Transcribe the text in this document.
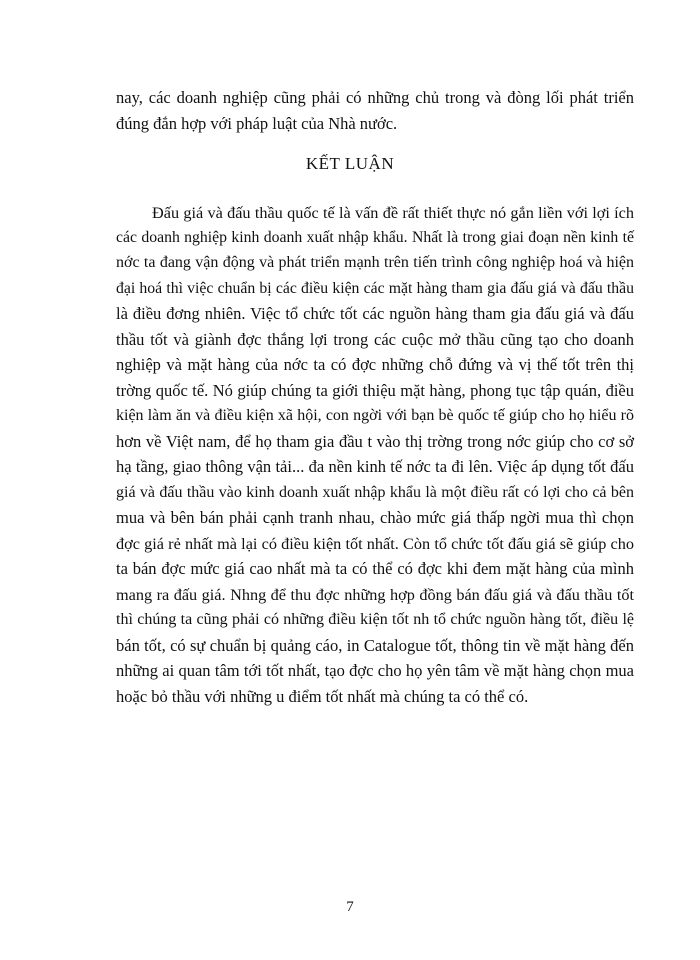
nay, các doanh nghiệp cũng phải có những chủ trong và đòng lối phát triển
đúng đắn hợp với pháp luật của Nhà nước.
KẾT LUẬN
Đấu giá và đấu thầu quốc tế là vấn đề rất thiết thực nó gắn liền với lợi ích
các doanh nghiệp kinh doanh xuất nhập khẩu. Nhất là trong giai đoạn nền kinh tế
nớc ta đang vận động và phát triển mạnh trên tiến trình công nghiệp hoá và hiện
đại hoá thì việc chuẩn bị các điều kiện các mặt hàng tham gia đấu giá và đấu thầu
là điều đơng nhiên. Việc tổ chức tốt các nguồn hàng tham gia đấu giá và đấu
thầu tốt và giành đợc thắng lợi trong các cuộc mở thầu cũng tạo cho doanh
nghiệp và mặt hàng của nớc ta có đợc những chỗ đứng và vị thế tốt trên thị
trờng quốc tế. Nó giúp chúng ta giới thiệu mặt hàng, phong tục tập quán, điều
kiện làm ăn và điều kiện xã hội, con ngời với bạn bè quốc tế giúp cho họ hiểu rõ
hơn về Việt nam, để họ tham gia đầu t vào thị trờng trong nớc giúp cho cơ sở
hạ tầng, giao thông vận tải... đa nền kinh tế nớc ta đi lên. Việc áp dụng tốt đấu
giá và đấu thầu vào kinh doanh xuất nhập khẩu là một điều rất có lợi cho cả bên
mua và bên bán phải cạnh tranh nhau, chào mức giá thấp ngời mua thì chọn
đợc giá rẻ nhất mà lại có điều kiện tốt nhất. Còn tổ chức tốt đấu giá sẽ giúp cho
ta bán đợc mức giá cao nhất mà ta có thể có đợc khi đem mặt hàng của mình
mang ra đấu giá. Nhng để thu đợc những hợp đồng bán đấu giá và đấu thầu tốt
thì chúng ta cũng phải có những điều kiện tốt nh tổ chức nguồn hàng tốt, điều lệ
bán tốt, có sự chuẩn bị quảng cáo, in Catalogue tốt, thông tin về mặt hàng đến
những ai quan tâm tới tốt nhất, tạo đợc cho họ yên tâm về mặt hàng chọn mua
hoặc bỏ thầu với những u điểm tốt nhất mà chúng ta có thể có.
7
